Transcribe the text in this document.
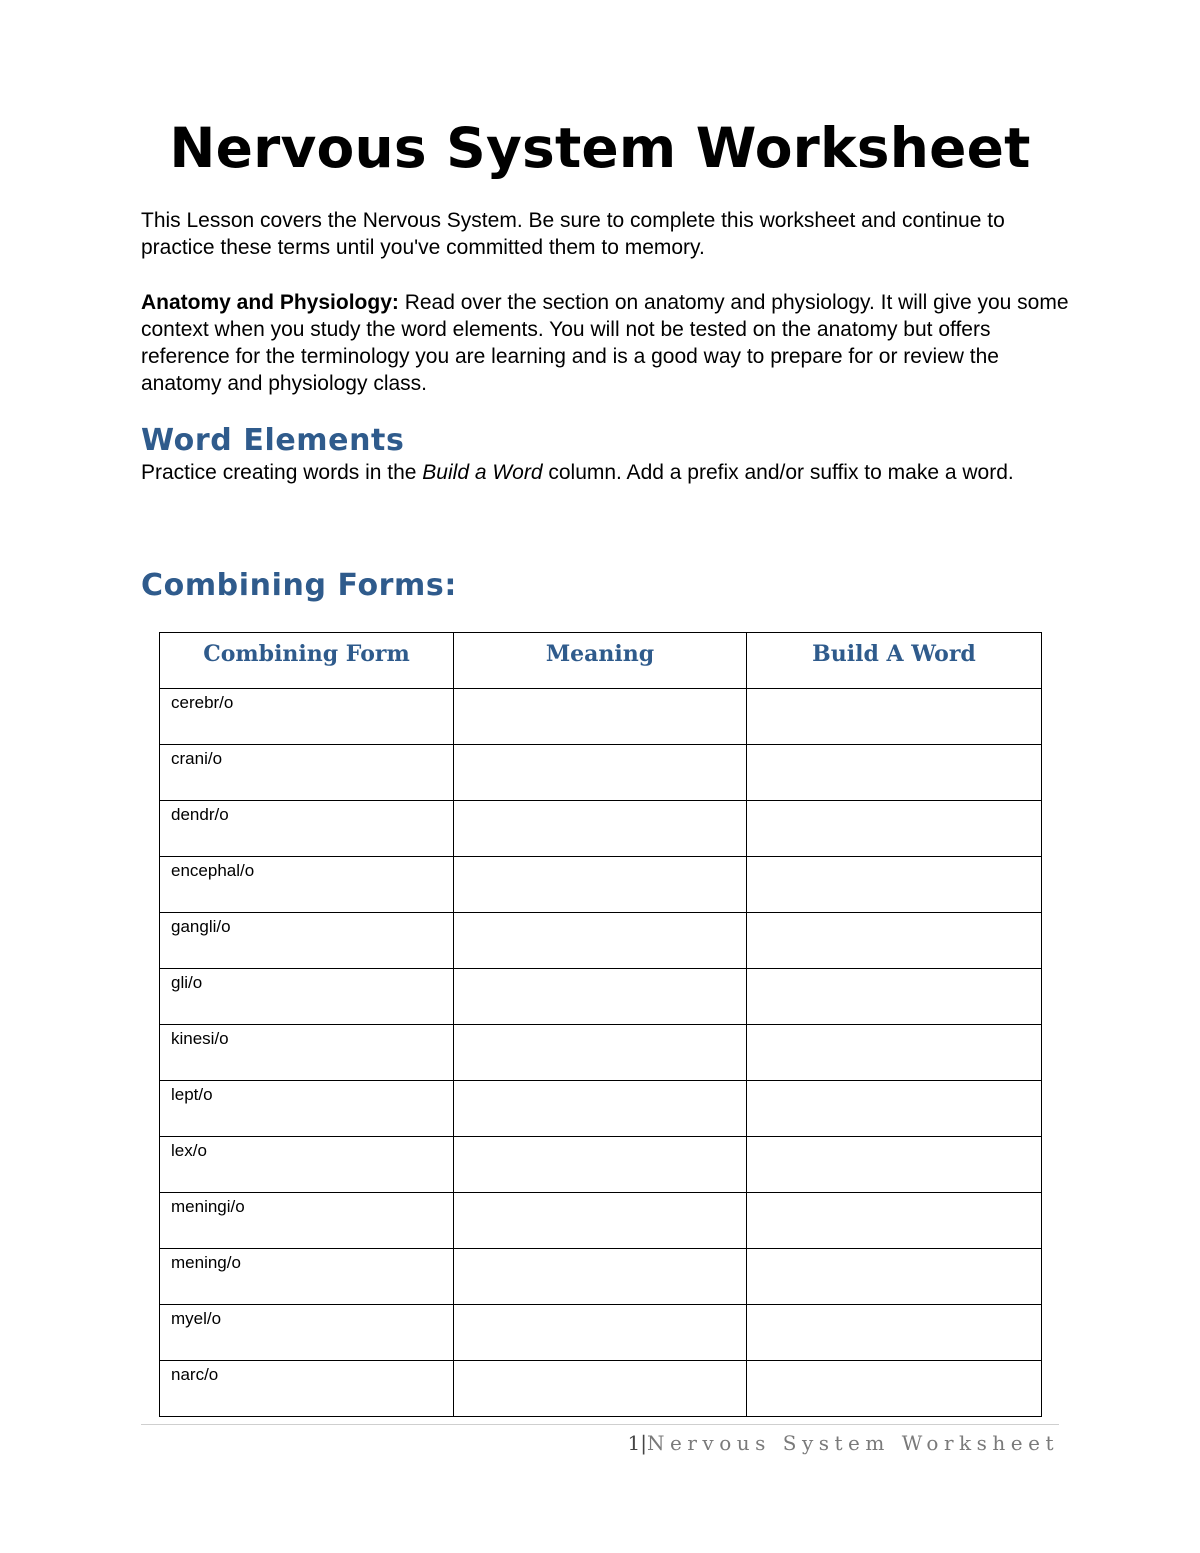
Nervous System Worksheet
This Lesson covers the Nervous System. Be sure to complete this worksheet and continue to practice these terms until you've committed them to memory.
Anatomy and Physiology: Read over the section on anatomy and physiology. It will give you some context when you study the word elements. You will not be tested on the anatomy but offers reference for the terminology you are learning and is a good way to prepare for or review the anatomy and physiology class.
Word Elements
Practice creating words in the Build a Word column. Add a prefix and/or suffix to make a word.
Combining Forms:
Combining Form	Meaning	Build A Word
cerebr/o		
crani/o		
dendr/o		
encephal/o		
gangli/o		
gli/o		
kinesi/o		
lept/o		
lex/o		
meningi/o		
mening/o		
myel/o		
narc/o		
1|Nervous System Worksheet
